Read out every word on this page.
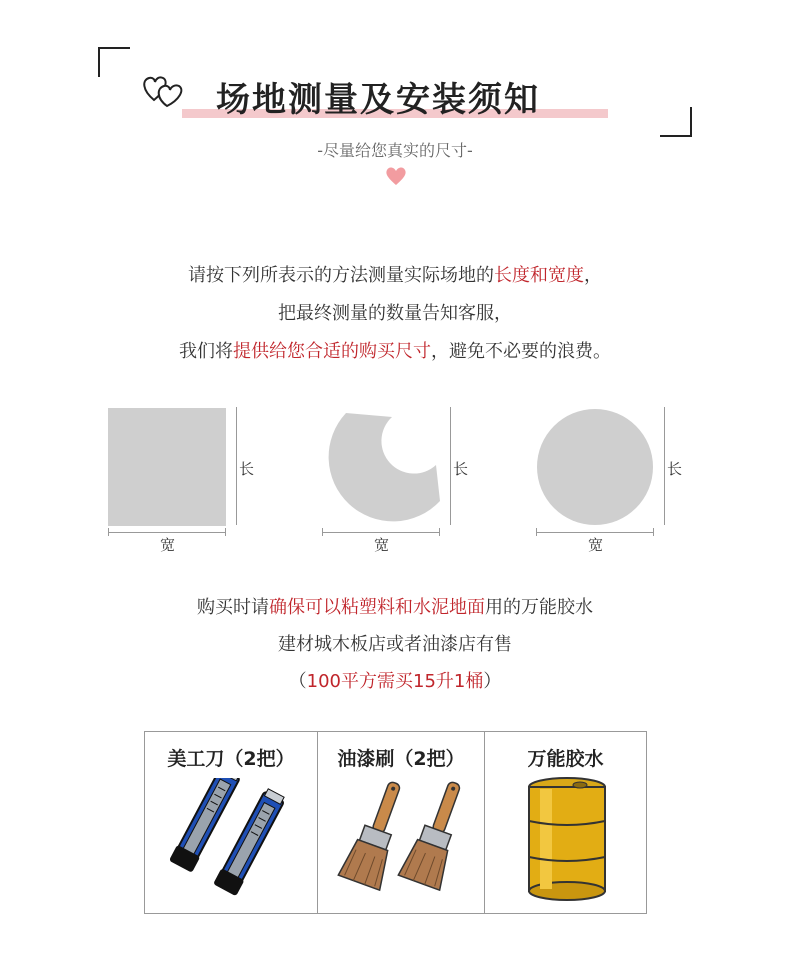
场地测量及安装须知
-尽量给您真实的尺寸-
请按下列所表示的方法测量实际场地的长度和宽度，
把最终测量的数量告知客服，
我们将提供给您合适的购买尺寸，避免不必要的浪费。
长
宽
长
宽
长
宽
购买时请确保可以粘塑料和水泥地面用的万能胶水
建材城木板店或者油漆店有售
（100平方需买15升1桶）
美工刀（2把）	油漆刷（2把）	万能胶水
